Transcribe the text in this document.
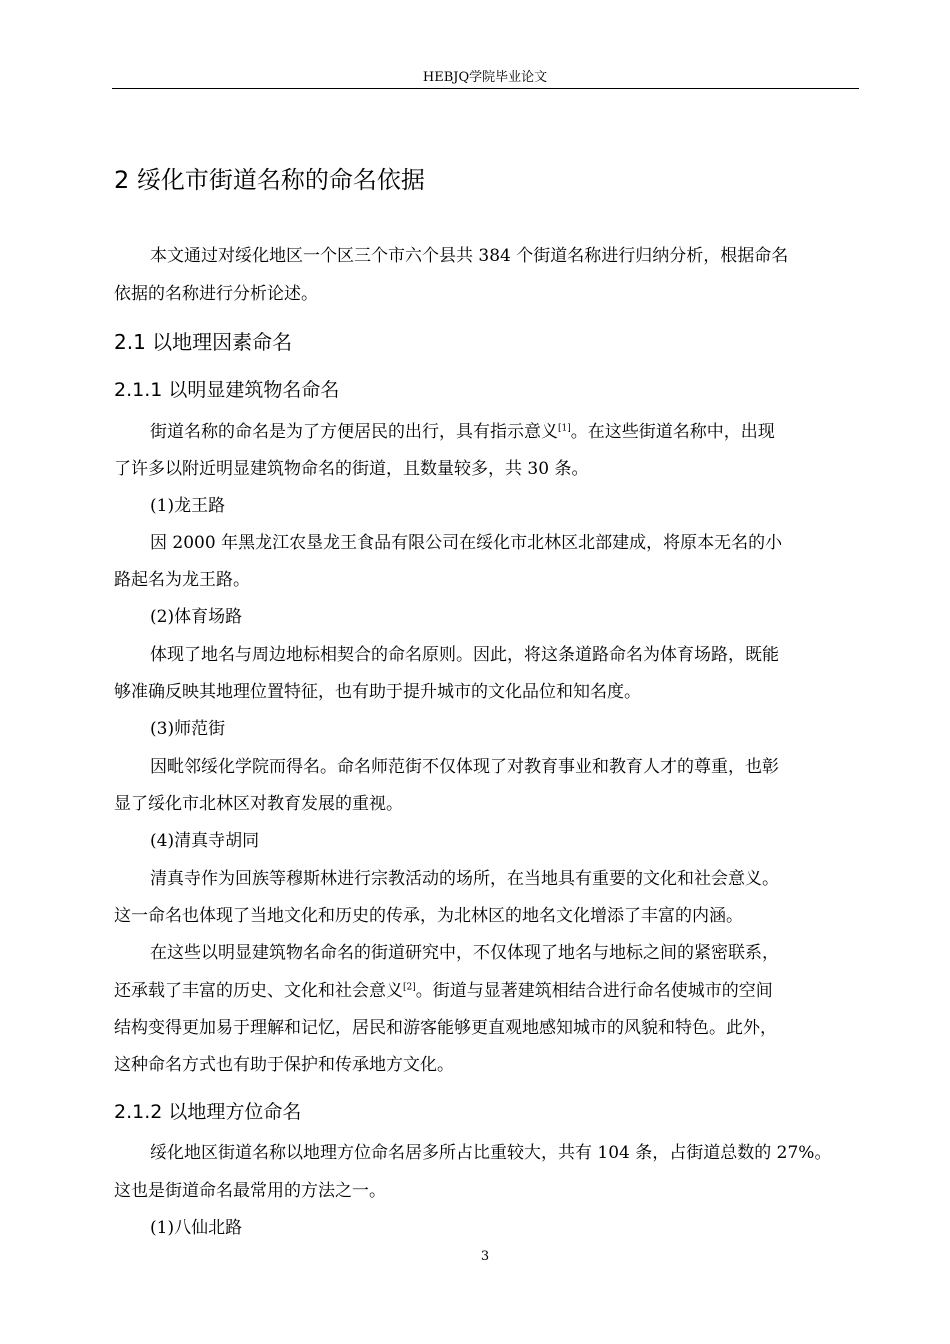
HEBJQ学院毕业论文
2 绥化市街道名称的命名依据
本文通过对绥化地区一个区三个市六个县共 384 个街道名称进行归纳分析，根据命名
依据的名称进行分析论述。
2.1 以地理因素命名
2.1.1 以明显建筑物名命名
街道名称的命名是为了方便居民的出行，具有指示意义[1]。在这些街道名称中，出现
了许多以附近明显建筑物命名的街道，且数量较多，共 30 条。
(1)龙王路
因 2000 年黑龙江农垦龙王食品有限公司在绥化市北林区北部建成，将原本无名的小
路起名为龙王路。
(2)体育场路
体现了地名与周边地标相契合的命名原则。因此，将这条道路命名为体育场路，既能
够准确反映其地理位置特征，也有助于提升城市的文化品位和知名度。
(3)师范街
因毗邻绥化学院而得名。命名师范街不仅体现了对教育事业和教育人才的尊重，也彰
显了绥化市北林区对教育发展的重视。
(4)清真寺胡同
清真寺作为回族等穆斯林进行宗教活动的场所，在当地具有重要的文化和社会意义。
这一命名也体现了当地文化和历史的传承，为北林区的地名文化增添了丰富的内涵。
在这些以明显建筑物名命名的街道研究中，不仅体现了地名与地标之间的紧密联系，
还承载了丰富的历史、文化和社会意义[2]。街道与显著建筑相结合进行命名使城市的空间
结构变得更加易于理解和记忆，居民和游客能够更直观地感知城市的风貌和特色。此外，
这种命名方式也有助于保护和传承地方文化。
2.1.2 以地理方位命名
绥化地区街道名称以地理方位命名居多所占比重较大，共有 104 条，占街道总数的 27%。
这也是街道命名最常用的方法之一。
(1)八仙北路
3
